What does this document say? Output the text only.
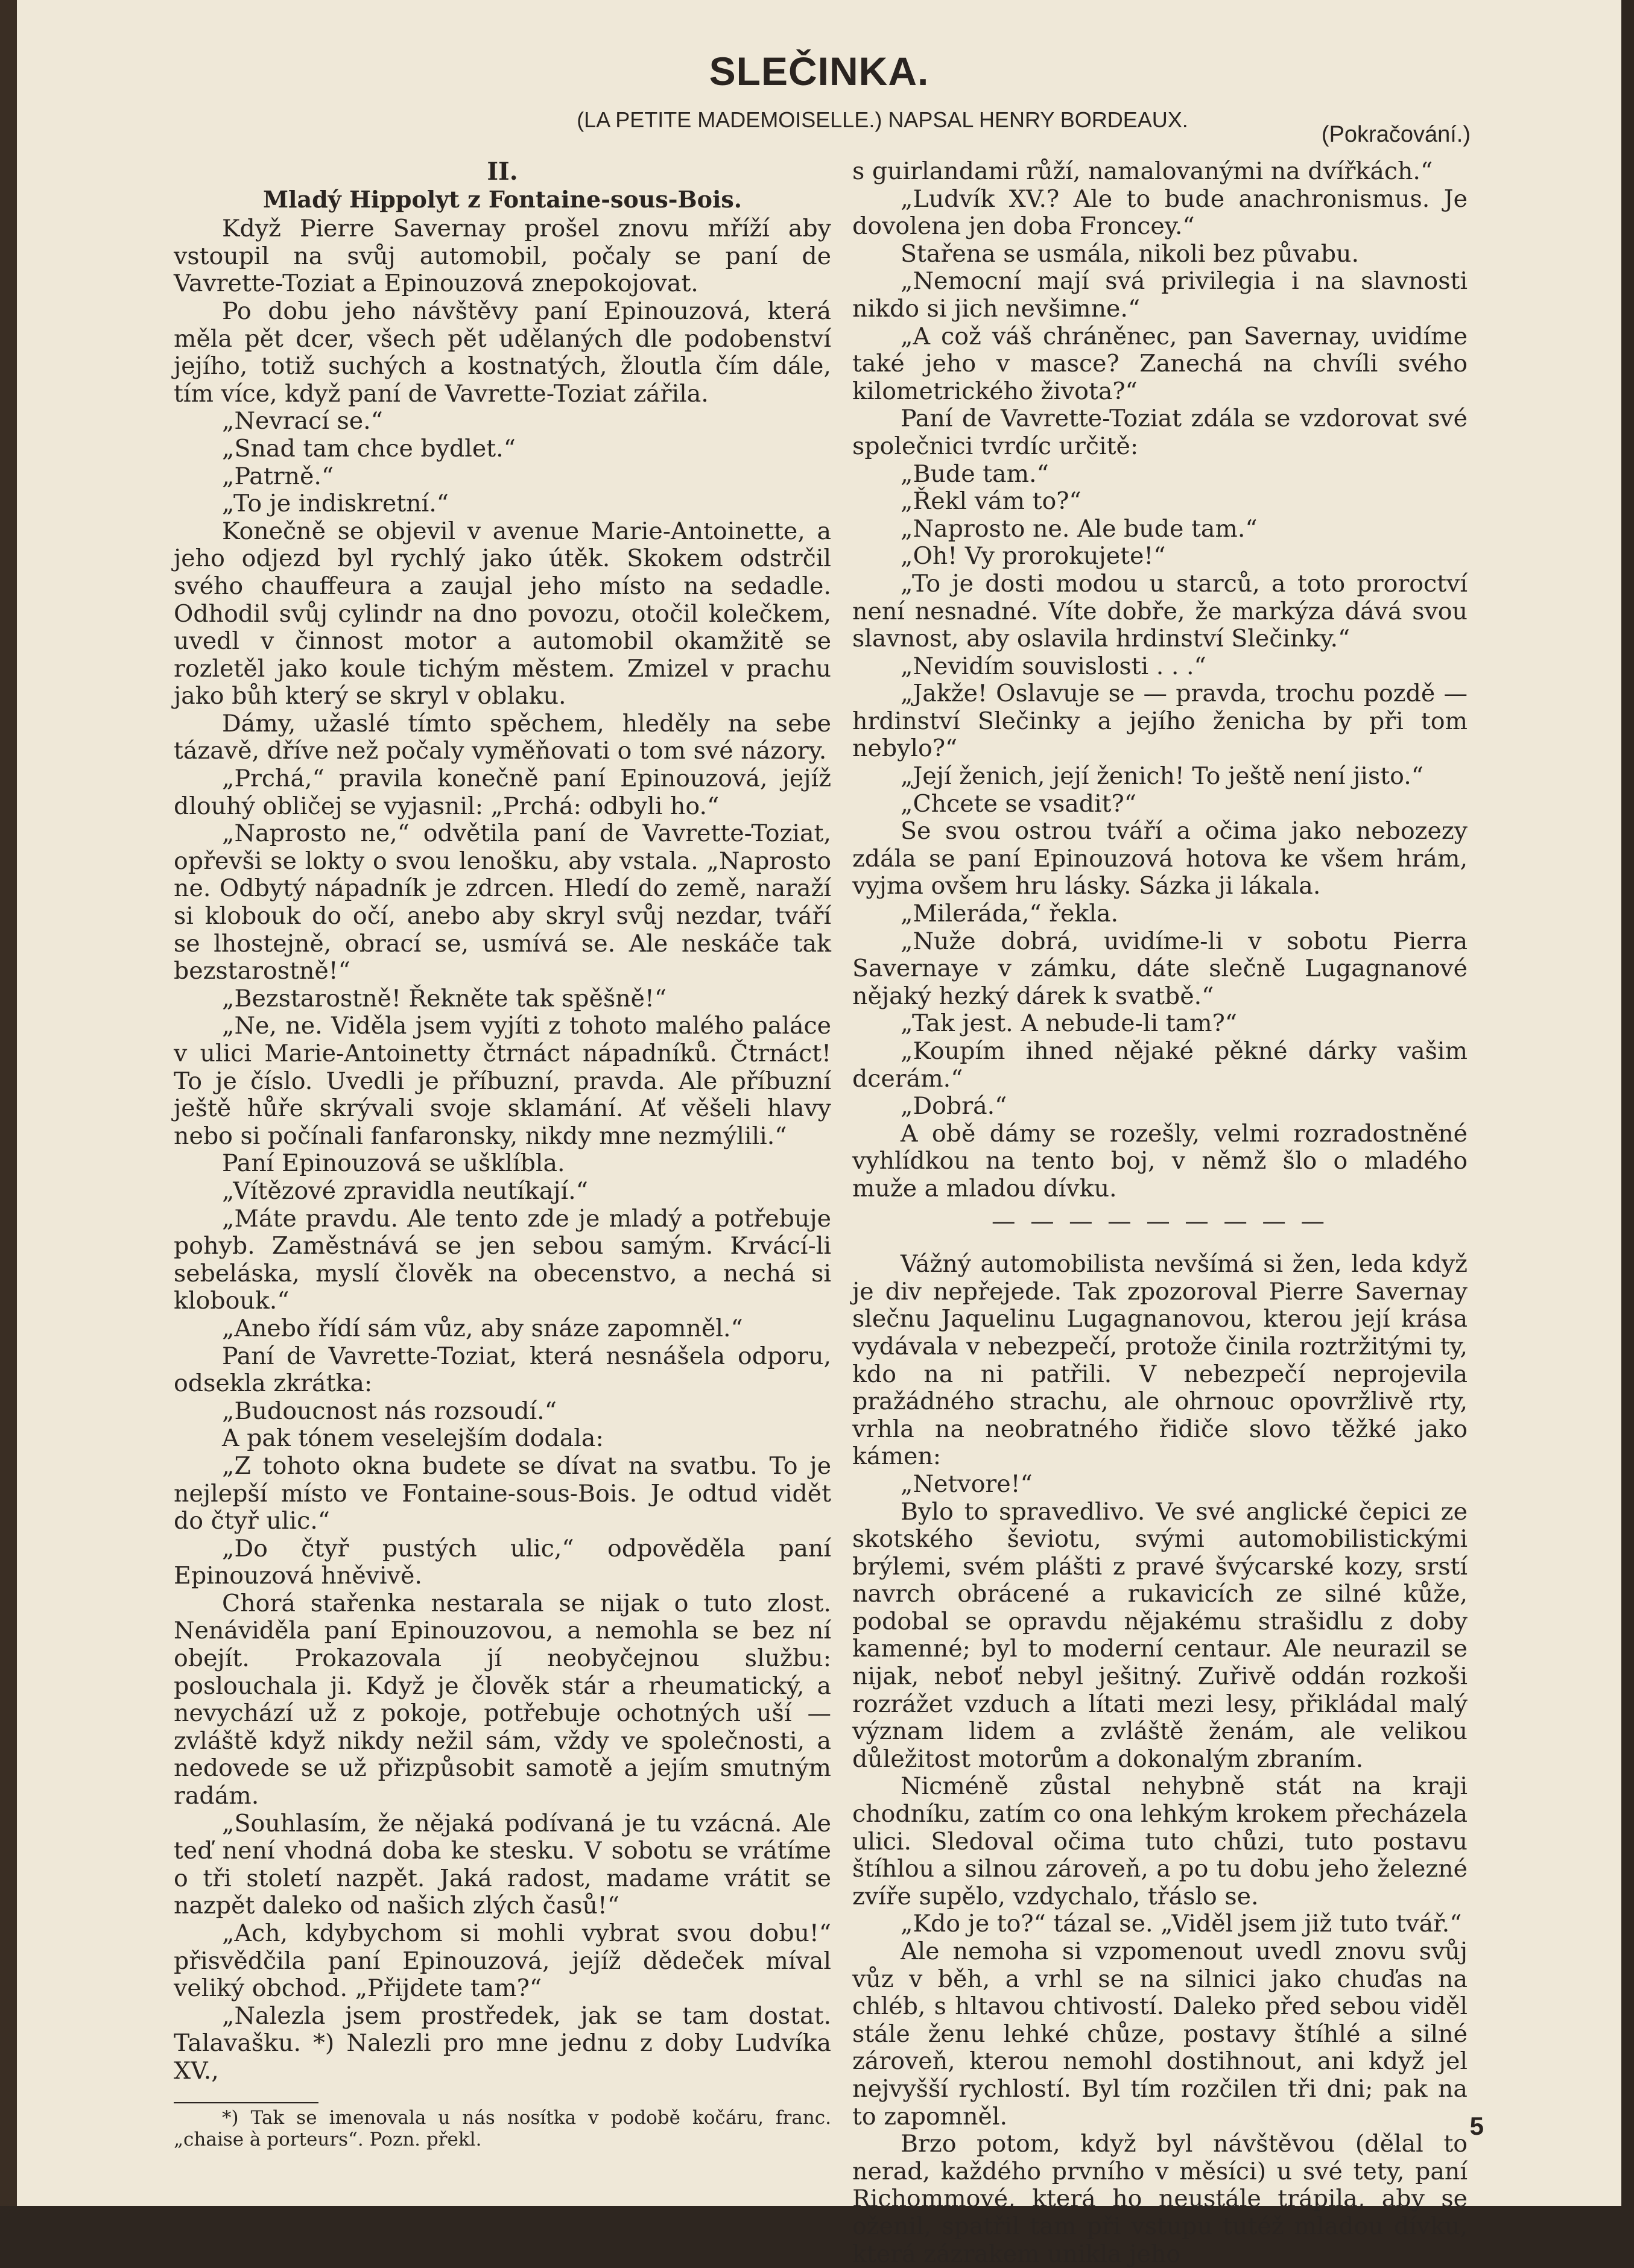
SLEČINKA.
(LA PETITE MADEMOISELLE.) NAPSAL HENRY BORDEAUX.
(Pokračování.)

II.

Mladý Hippolyt z Fontaine-sous-Bois.

Když Pierre Savernay prošel znovu mříží aby vstoupil na svůj automobil, počaly se paní de Vavrette-Toziat a Epinouzová znepokojovat.

Po dobu jeho návštěvy paní Epinouzová, která měla pět dcer, všech pět udělaných dle podobenství jejího, totiž suchých a kostnatých, žloutla čím dále, tím více, když paní de Vavrette-Toziat zářila.

„Nevrací se.“

„Snad tam chce bydlet.“

„Patrně.“

„To je indiskretní.“

Konečně se objevil v avenue Marie-Antoinette, a jeho odjezd byl rychlý jako útěk. Skokem odstrčil svého chauffeura a zaujal jeho místo na sedadle. Odhodil svůj cylindr na dno povozu, otočil kolečkem, uvedl v činnost motor a automobil okamžitě se rozletěl jako koule tichým městem. Zmizel v prachu jako bůh který se skryl v oblaku.

Dámy, užaslé tímto spěchem, hleděly na sebe tázavě, dříve než počaly vyměňovati o tom své názory.

„Prchá,“ pravila konečně paní Epinouzová, jejíž dlouhý obličej se vyjasnil: „Prchá: odbyli ho.“

„Naprosto ne,“ odvětila paní de Vavrette-Toziat, opřevši se lokty o svou lenošku, aby vstala. „Naprosto ne. Odbytý nápadník je zdrcen. Hledí do země, naraží si klobouk do očí, anebo aby skryl svůj nezdar, tváří se lhostejně, obrací se, usmívá se. Ale neskáče tak bezstarostně!“

„Bezstarostně! Řekněte tak spěšně!“

„Ne, ne. Viděla jsem vyjíti z tohoto malého paláce v ulici Marie-Antoinetty čtrnáct nápadníků. Čtrnáct! To je číslo. Uvedli je příbuzní, pravda. Ale příbuzní ještě hůře skrývali svoje sklamání. Ať věšeli hlavy nebo si počínali fanfaronsky, nikdy mne nezmýlili.“

Paní Epinouzová se ušklíbla.

„Vítězové zpravidla neutíkají.“

„Máte pravdu. Ale tento zde je mladý a potřebuje pohyb. Zaměstnává se jen sebou samým. Krvácí-li sebeláska, myslí člověk na obecenstvo, a nechá si klobouk.“

„Anebo řídí sám vůz, aby snáze zapomněl.“

Paní de Vavrette-Toziat, která nesnášela odporu, odsekla zkrátka:

„Budoucnost nás rozsoudí.“

A pak tónem veselejším dodala:

„Z tohoto okna budete se dívat na svatbu. To je nejlepší místo ve Fontaine-sous-Bois. Je odtud vidět do čtyř ulic.“

„Do čtyř pustých ulic,“ odpověděla paní Epinouzová hněvivě.

Chorá stařenka nestarala se nijak o tuto zlost. Nenáviděla paní Epinouzovou, a nemohla se bez ní obejít. Prokazovala jí neobyčejnou službu: poslouchala ji. Když je člověk stár a rheumatický, a nevychází už z pokoje, potřebuje ochotných uší — zvláště když nikdy nežil sám, vždy ve společnosti, a nedovede se už přizpůsobit samotě a jejím smutným radám.

„Souhlasím, že nějaká podívaná je tu vzácná. Ale teď není vhodná doba ke stesku. V sobotu se vrátíme o tři století nazpět. Jaká radost, madame vrátit se nazpět daleko od našich zlých časů!“

„Ach, kdybychom si mohli vybrat svou dobu!“ přisvědčila paní Epinouzová, jejíž dědeček míval veliký obchod. „Přijdete tam?“

„Nalezla jsem prostředek, jak se tam dostat. Talavašku. *) Nalezli pro mne jednu z doby Ludvíka XV.,

*) Tak se imenovala u nás nosítka v podobě kočáru, franc. „chaise à porteurs“. Pozn. překl.

s guirlandami růží, namalovanými na dvířkách.“

„Ludvík XV.? Ale to bude anachronismus. Je dovolena jen doba Froncey.“

Stařena se usmála, nikoli bez půvabu.

„Nemocní mají svá privilegia i na slavnosti nikdo si jich nevšimne.“

„A což váš chráněnec, pan Savernay, uvidíme také jeho v masce? Zanechá na chvíli svého kilometrického života?“

Paní de Vavrette-Toziat zdála se vzdorovat své společnici tvrdíc určitě:

„Bude tam.“

„Řekl vám to?“

„Naprosto ne. Ale bude tam.“

„Oh! Vy prorokujete!“

„To je dosti modou u starců, a toto proroctví není nesnadné. Víte dobře, že markýza dává svou slavnost, aby oslavila hrdinství Slečinky.“

„Nevidím souvislosti . . .“

„Jakže! Oslavuje se — pravda, trochu pozdě — hrdinství Slečinky a jejího ženicha by při tom nebylo?“

„Její ženich, její ženich! To ještě není jisto.“

„Chcete se vsadit?“

Se svou ostrou tváří a očima jako nebozezy zdála se paní Epinouzová hotova ke všem hrám, vyjma ovšem hru lásky. Sázka ji lákala.

„Mileráda,“ řekla.

„Nuže dobrá, uvidíme-li v sobotu Pierra Savernaye v zámku, dáte slečně Lugagnanové nějaký hezký dárek k svatbě.“

„Tak jest. A nebude-li tam?“

„Koupím ihned nějaké pěkné dárky vašim dcerám.“

„Dobrá.“

A obě dámy se rozešly, velmi rozradostněné vyhlídkou na tento boj, v němž šlo o mladého muže a mladou dívku.

— — — — — — — — —

Vážný automobilista nevšímá si žen, leda když je div nepřejede. Tak zpozoroval Pierre Savernay slečnu Jaquelinu Lugagnanovou, kterou její krása vydávala v nebezpečí, protože činila roztržitými ty, kdo na ni patřili. V nebezpečí neprojevila pražádného strachu, ale ohrnouc opovržlivě rty, vrhla na neobratného řidiče slovo těžké jako kámen:

„Netvore!“

Bylo to spravedlivo. Ve své anglické čepici ze skotského ševiotu, svými automobilistickými brýlemi, svém plášti z pravé švýcarské kozy, srstí navrch obrácené a rukavicích ze silné kůže, podobal se opravdu nějakému strašidlu z doby kamenné; byl to moderní centaur. Ale neurazil se nijak, neboť nebyl ješitný. Zuřivě oddán rozkoši rozrážet vzduch a lítati mezi lesy, přikládal malý význam lidem a zvláště ženám, ale velikou důležitost motorům a dokonalým zbraním.

Nicméně zůstal nehybně stát na kraji chodníku, zatím co ona lehkým krokem přecházela ulici. Sledoval očima tuto chůzi, tuto postavu štíhlou a silnou zároveň, a po tu dobu jeho železné zvíře supělo, vzdychalo, třáslo se.

„Kdo je to?“ tázal se. „Viděl jsem již tuto tvář.“

Ale nemoha si vzpomenout uvedl znovu svůj vůz v běh, a vrhl se na silnici jako chuďas na chléb, s hltavou chtivostí. Daleko před sebou viděl stále ženu lehké chůze, postavy štíhlé a silné zároveň, kterou nemohl dostihnout, ani když jel nejvyšší rychlostí. Byl tím rozčilen tři dni; pak na to zapomněl.

Brzo potom, když byl návštěvou (dělal to nerad, každého prvního v měsíci) u své tety, paní Richommové, která ho neustále trápila, aby se oženil, spatřil tam při vstupu tutéž mladou dívku, která zázrakem unikla jeho

5
